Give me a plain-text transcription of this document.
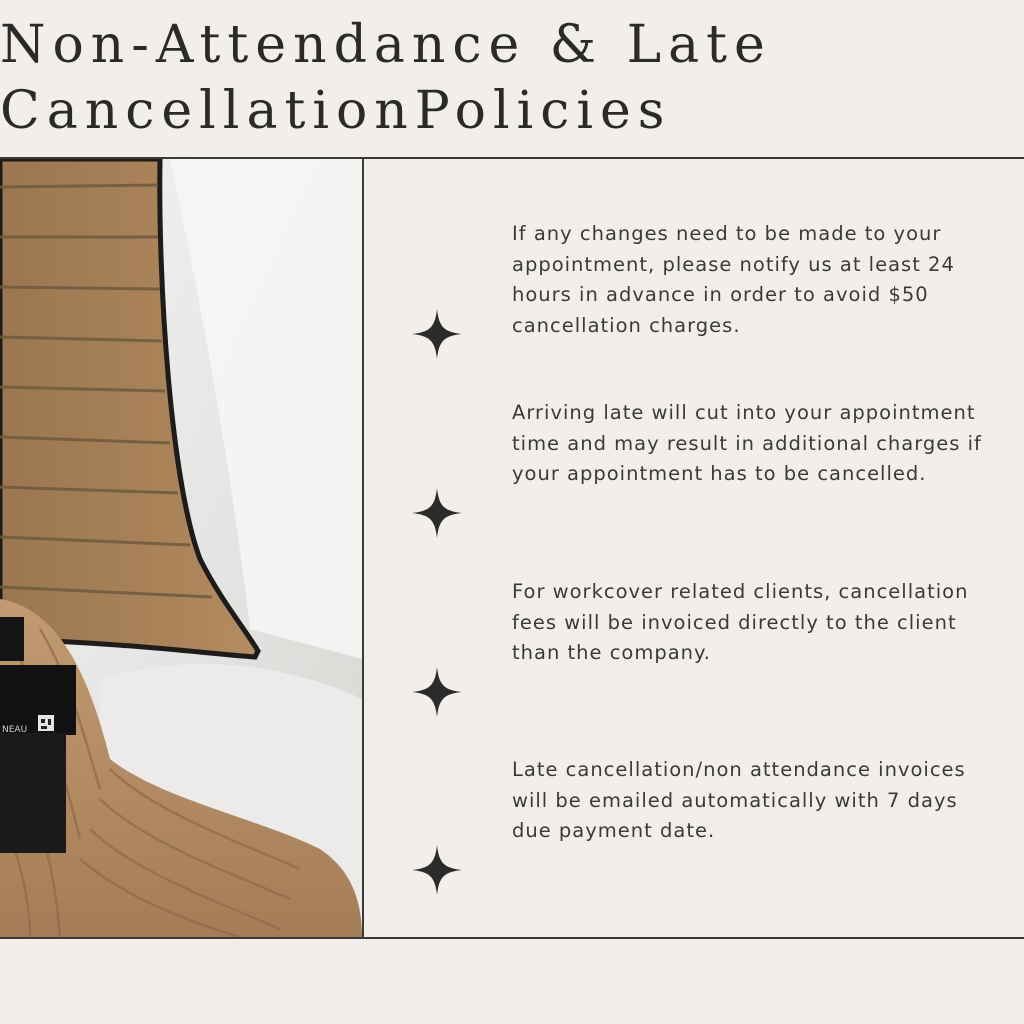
Non-Attendance & Late
CancellationPolicies
NEAU

If any changes need to be made to your appointment, please notify us at least 24 hours in advance in order to avoid $50 cancellation charges.

Arriving late will cut into your appointment time and may result in additional charges if your appointment has to be cancelled.

For workcover related clients, cancellation fees will be invoiced directly to the client than the company.

Late cancellation/non attendance invoices will be emailed automatically with 7 days due payment date.
